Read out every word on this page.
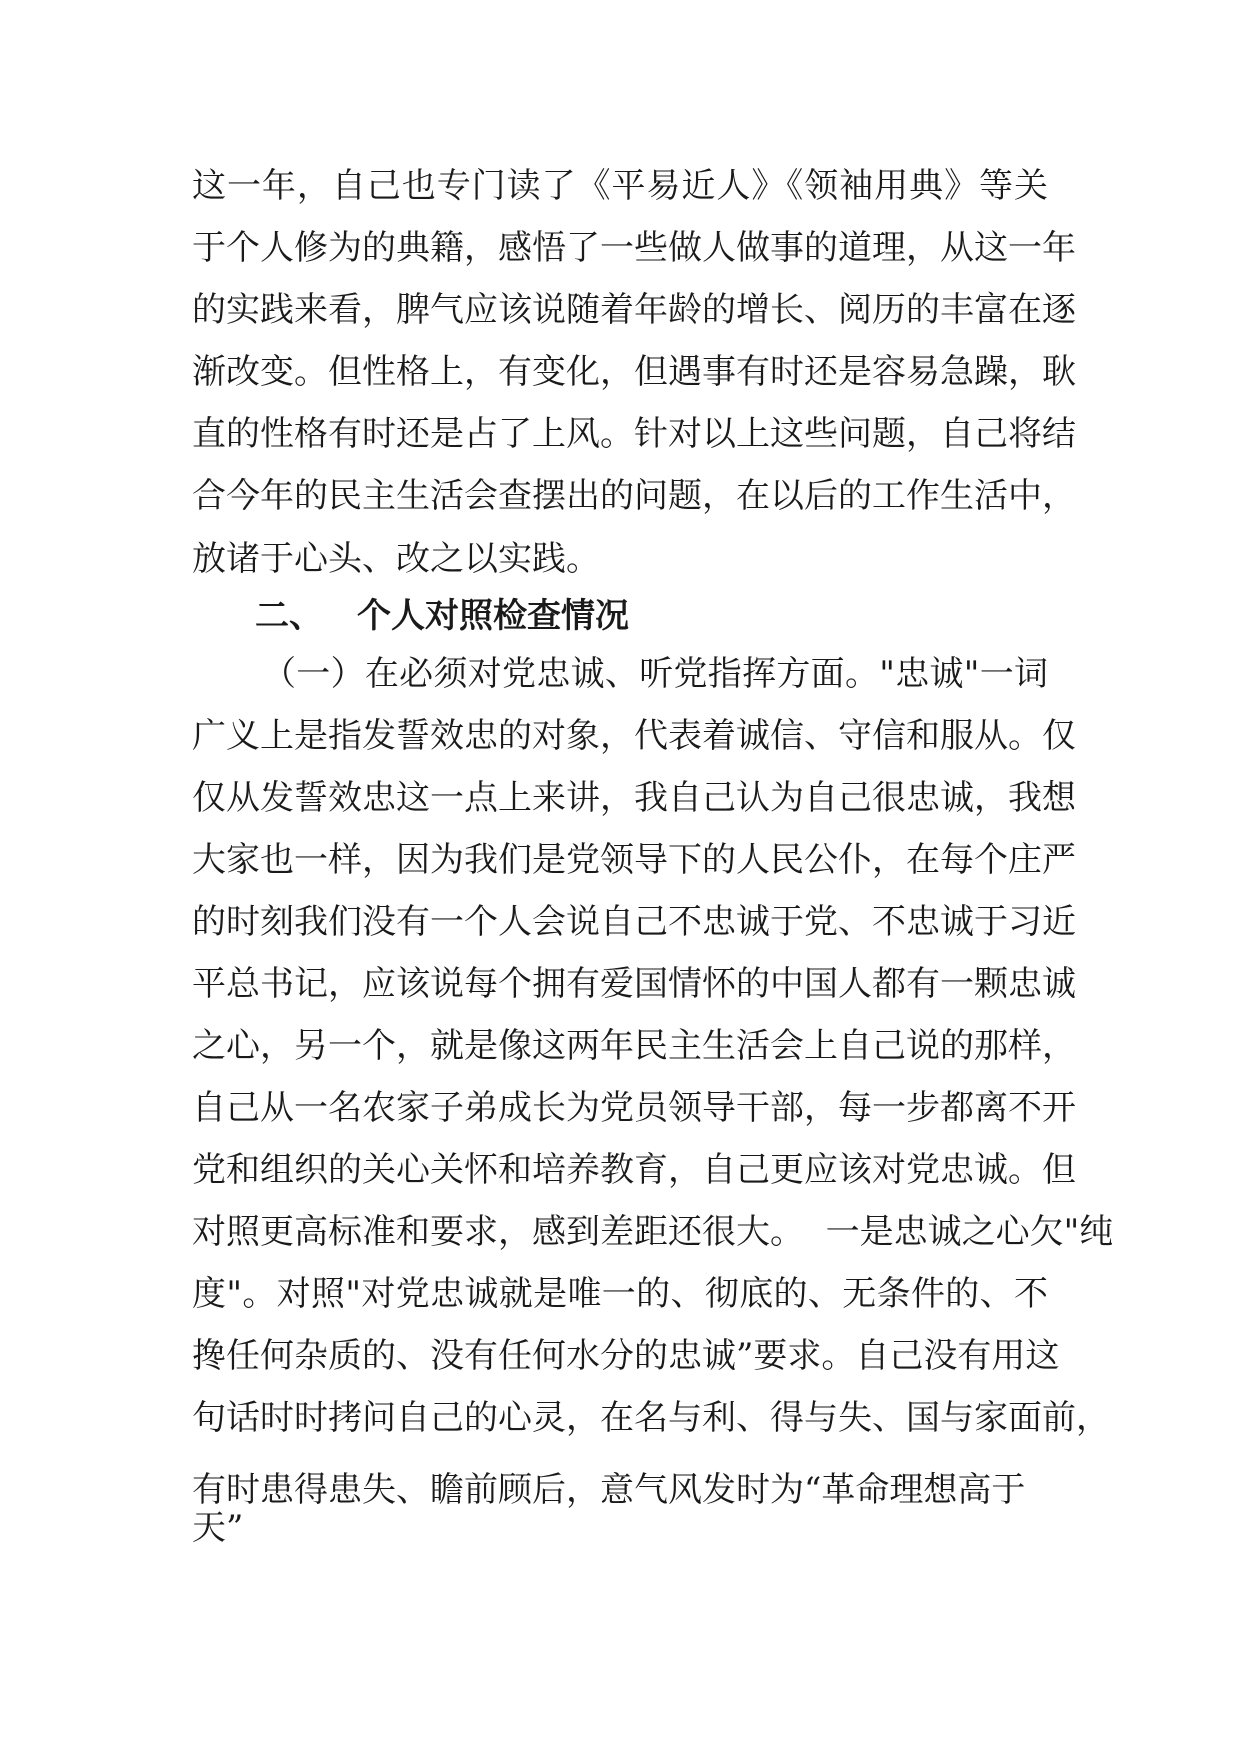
这一年，自己也专门读了《平易近人》《领袖用典》等关
于个人修为的典籍，感悟了一些做人做事的道理，从这一年
的实践来看，脾气应该说随着年龄的增长、阅历的丰富在逐
渐改变。但性格上，有变化，但遇事有时还是容易急躁，耿
直的性格有时还是占了上风。针对以上这些问题，自己将结
合今年的民主生活会查摆出的问题，在以后的工作生活中，
放诸于心头、改之以实践。
二、 个人对照检查情况
（一）在必须对党忠诚、听党指挥方面。"忠诚"一词
广义上是指发誓效忠的对象，代表着诚信、守信和服从。仅
仅从发誓效忠这一点上来讲，我自己认为自己很忠诚，我想
大家也一样，因为我们是党领导下的人民公仆，在每个庄严
的时刻我们没有一个人会说自己不忠诚于党、不忠诚于习近
平总书记，应该说每个拥有爱国情怀的中国人都有一颗忠诚
之心，另一个，就是像这两年民主生活会上自己说的那样，
自己从一名农家子弟成长为党员领导干部，每一步都离不开
党和组织的关心关怀和培养教育，自己更应该对党忠诚。但
对照更高标准和要求，感到差距还很大。  一是忠诚之心欠"纯
度"。对照"对党忠诚就是唯一的、彻底的、无条件的、不
搀任何杂质的、没有任何水分的忠诚”要求。自己没有用这
句话时时拷问自己的心灵，在名与利、得与失、国与家面前，
有时患得患失、瞻前顾后，意气风发时为“革命理想高于
天”
